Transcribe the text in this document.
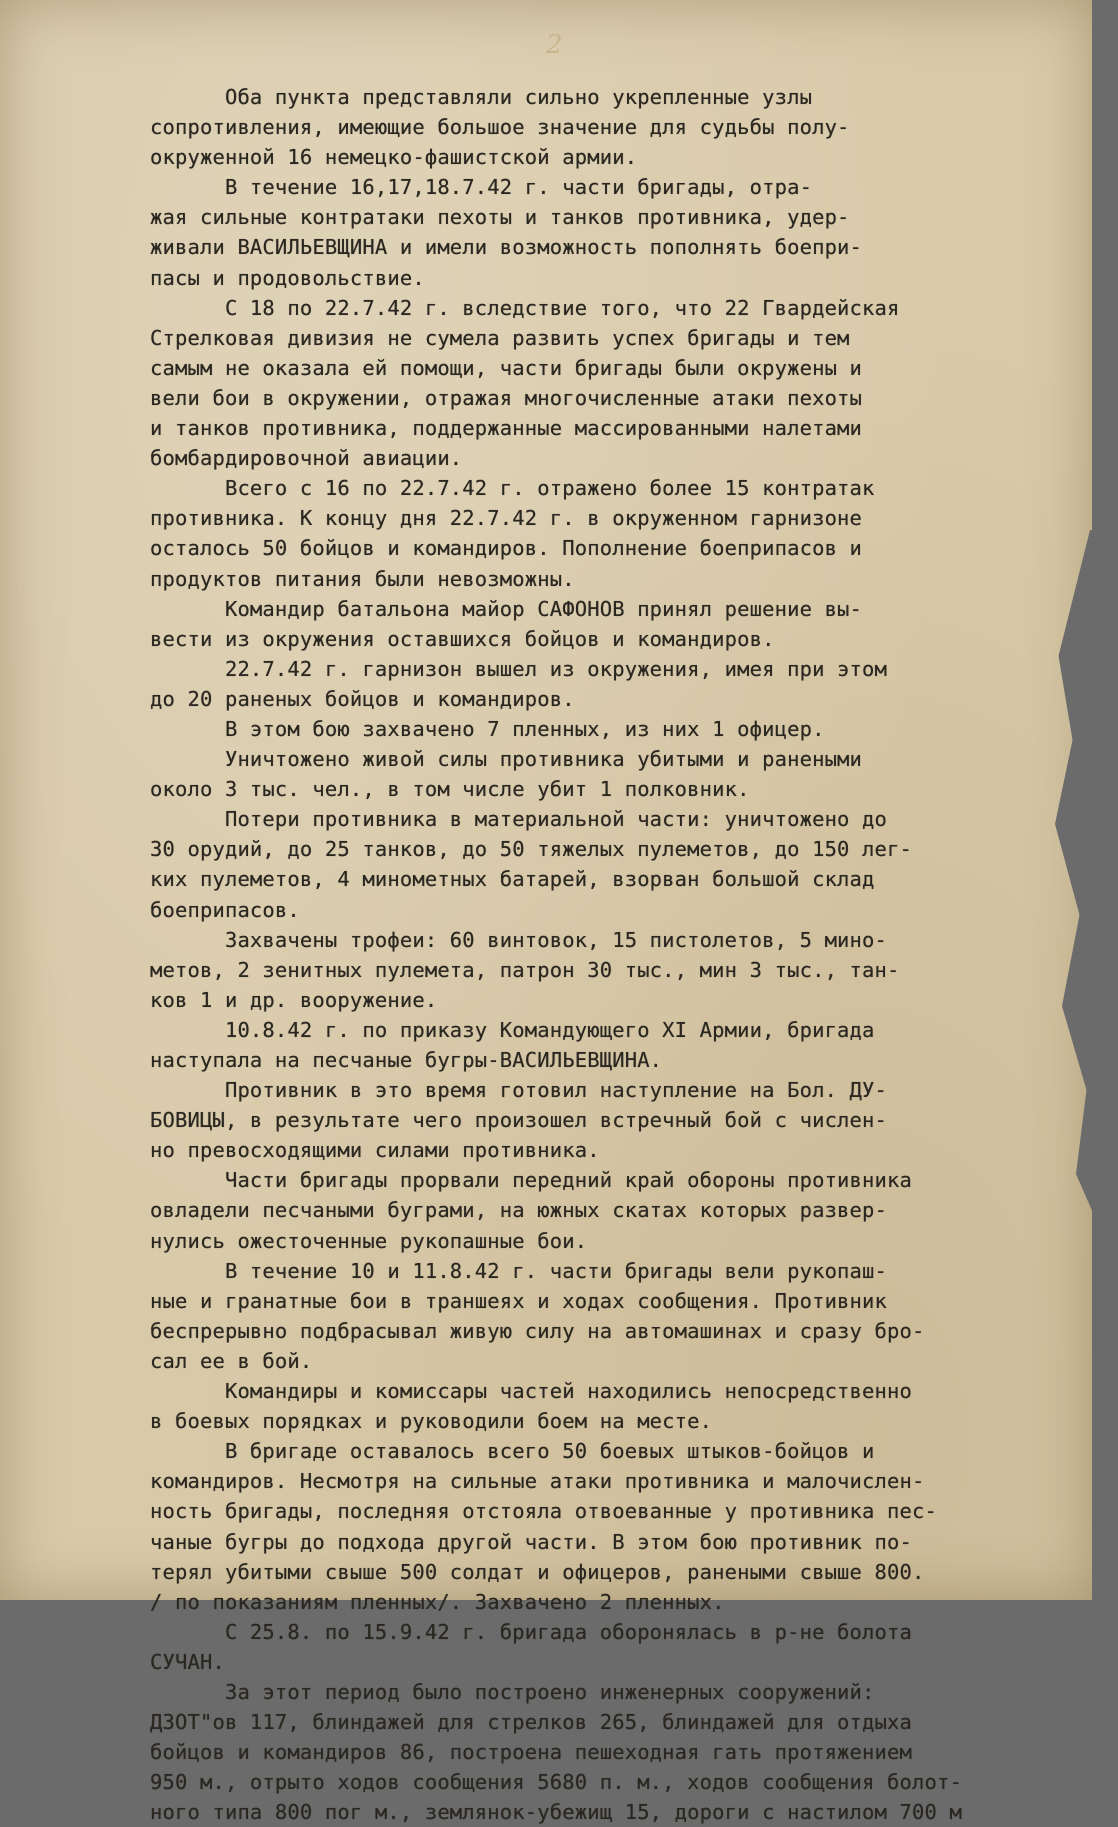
2
Оба пункта представляли сильно укрепленные узлы
сопротивления, имеющие большое значение для судьбы полу-
окруженной 16 немецко-фашистской армии.
В течение 16,17,18.7.42 г. части бригады, отра-
жая сильные контратаки пехоты и танков противника, удер-
живали ВАСИЛЬЕВЩИНА и имели возможность пополнять боепри-
пасы и продовольствие.
С 18 по 22.7.42 г. вследствие того, что 22 Гвардейская
Стрелковая дивизия не сумела развить успех бригады и тем
самым не оказала ей помощи, части бригады были окружены и
вели бои в окружении, отражая многочисленные атаки пехоты
и танков противника, поддержанные массированными налетами
бомбардировочной авиации.
Всего с 16 по 22.7.42 г. отражено более 15 контратак
противника. К концу дня 22.7.42 г. в окруженном гарнизоне
осталось 50 бойцов и командиров. Пополнение боеприпасов и
продуктов питания были невозможны.
Командир батальона майор САФОНОВ принял решение вы-
вести из окружения оставшихся бойцов и командиров.
22.7.42 г. гарнизон вышел из окружения, имея при этом
до 20 раненых бойцов и командиров.
В этом бою захвачено 7 пленных, из них 1 офицер.
Уничтожено живой силы противника убитыми и ранеными
около 3 тыс. чел., в том числе убит 1 полковник.
Потери противника в материальной части: уничтожено до
30 орудий, до 25 танков, до 50 тяжелых пулеметов, до 150 лег-
ких пулеметов, 4 минометных батарей, взорван большой склад
боеприпасов.
Захвачены трофеи: 60 винтовок, 15 пистолетов, 5 мино-
метов, 2 зенитных пулемета, патрон 30 тыс., мин 3 тыс., тан-
ков 1 и др. вооружение.
10.8.42 г. по приказу Командующего XI Армии, бригада
наступала на песчаные бугры-ВАСИЛЬЕВЩИНА.
Противник в это время готовил наступление на Бол. ДУ-
БОВИЦЫ, в результате чего произошел встречный бой с числен-
но превосходящими силами противника.
Части бригады прорвали передний край обороны противника
овладели песчаными буграми, на южных скатах которых развер-
нулись ожесточенные рукопашные бои.
В течение 10 и 11.8.42 г. части бригады вели рукопаш-
ные и гранатные бои в траншеях и ходах сообщения. Противник
беспрерывно подбрасывал живую силу на автомашинах и сразу бро-
сал ее в бой.
Командиры и комиссары частей находились непосредственно
в боевых порядках и руководили боем на месте.
В бригаде оставалось всего 50 боевых штыков-бойцов и
командиров. Несмотря на сильные атаки противника и малочислен-
ность бригады, последняя отстояла отвоеванные у противника пес-
чаные бугры до подхода другой части. В этом бою противник по-
терял убитыми свыше 500 солдат и офицеров, ранеными свыше 800.
/ по показаниям пленных/. Захвачено 2 пленных.
С 25.8. по 15.9.42 г. бригада оборонялась в р-не болота
СУЧАН.
За этот период было построено инженерных сооружений:
ДЗОТ"ов 117, блиндажей для стрелков 265, блиндажей для отдыха
бойцов и командиров 86, построена пешеходная гать протяжением
950 м., отрыто ходов сообщения 5680 п. м., ходов сообщения болот-
ного типа 800 пог м., землянок-убежищ 15, дороги с настилом 700 м
